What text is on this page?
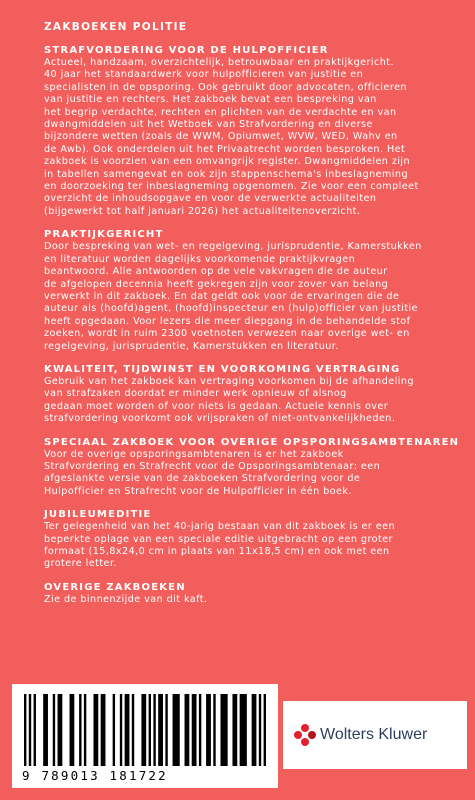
ZAKBOEKEN POLITIE
STRAFVORDERING VOOR DE HULPOFFICIER
Actueel, handzaam, overzichtelijk, betrouwbaar en praktijkgericht.
40 jaar het standaardwerk voor hulpofficieren van justitie en
specialisten in de opsporing. Ook gebruikt door advocaten, officieren
van justitie en rechters. Het zakboek bevat een bespreking van
het begrip verdachte, rechten en plichten van de verdachte en van
dwangmiddelen uit het Wetboek van Strafvordering en diverse
bijzondere wetten (zoals de WWM, Opiumwet, WVW, WED, Wahv en
de Awb). Ook onderdelen uit het Privaatrecht worden besproken. Het
zakboek is voorzien van een omvangrijk register. Dwangmiddelen zijn
in tabellen samengevat en ook zijn stappenschema's inbeslagneming
en doorzoeking ter inbeslagneming opgenomen. Zie voor een compleet
overzicht de inhoudsopgave en voor de verwerkte actualiteiten
(bijgewerkt tot half januari 2026) het actualiteitenoverzicht.
PRAKTIJKGERICHT
Door bespreking van wet- en regelgeving, jurisprudentie, Kamerstukken
en literatuur worden dagelijks voorkomende praktijkvragen
beantwoord. Alle antwoorden op de vele vakvragen die de auteur
de afgelopen decennia heeft gekregen zijn voor zover van belang
verwerkt in dit zakboek. En dat geldt ook voor de ervaringen die de
auteur als (hoofd)agent, (hoofd)inspecteur en (hulp)officier van justitie
heeft opgedaan. Voor lezers die meer diepgang in de behandelde stof
zoeken, wordt in ruim 2300 voetnoten verwezen naar overige wet- en
regelgeving, jurisprudentie, Kamerstukken en literatuur.
KWALITEIT, TIJDWINST EN VOORKOMING VERTRAGING
Gebruik van het zakboek kan vertraging voorkomen bij de afhandeling
van strafzaken doordat er minder werk opnieuw of alsnog
gedaan moet worden of voor niets is gedaan. Actuele kennis over
strafvordering voorkomt ook vrijspraken of niet-ontvankelijkheden.
SPECIAAL ZAKBOEK VOOR OVERIGE OPSPORINGSAMBTENAREN
Voor de overige opsporingsambtenaren is er het zakboek
Strafvordering en Strafrecht voor de Opsporingsambtenaar: een
afgeslankte versie van de zakboeken Strafvordering voor de
Hulpofficier en Strafrecht voor de Hulpofficier in één boek.
JUBILEUMEDITIE
Ter gelegenheid van het 40-jarig bestaan van dit zakboek is er een
beperkte oplage van een speciale editie uitgebracht op een groter
formaat (15,8x24,0 cm in plaats van 11x18,5 cm) en ook met een
grotere letter.
OVERIGE ZAKBOEKEN
Zie de binnenzijde van dit kaft.
9 789013 181722
Wolters Kluwer
